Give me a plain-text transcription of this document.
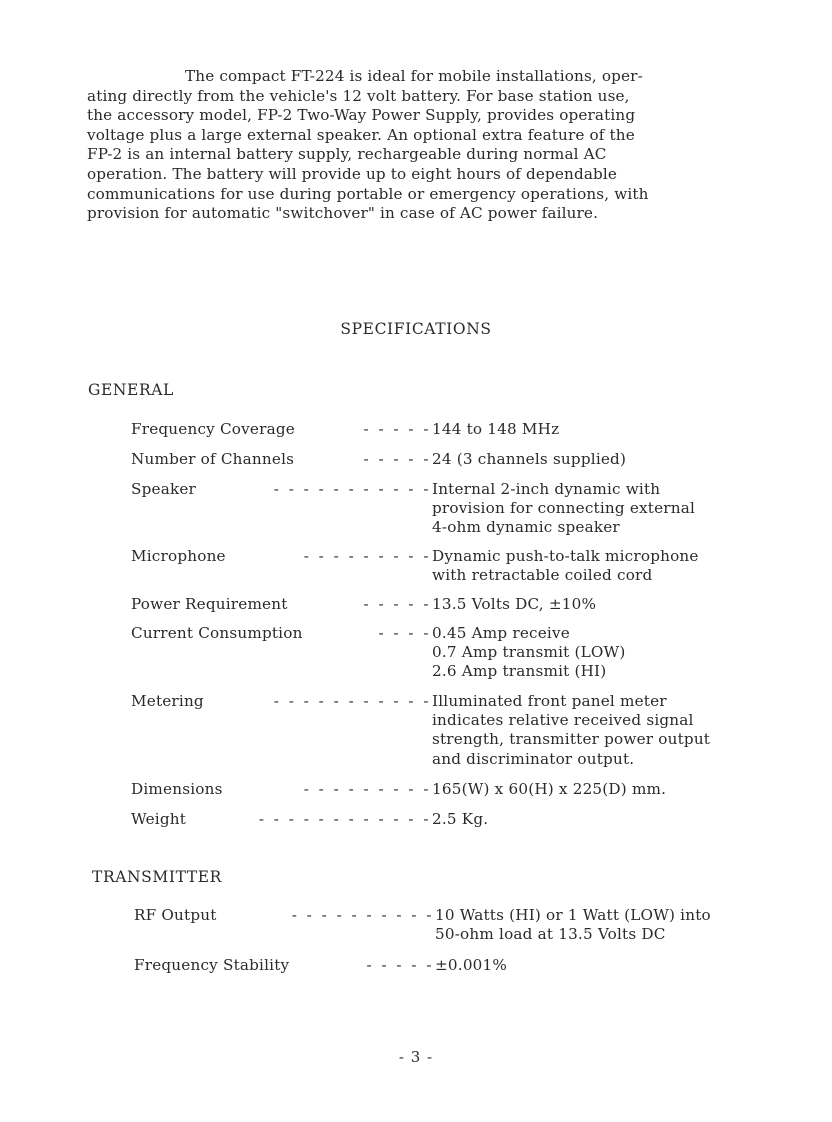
The compact FT-224 is ideal for mobile installations, oper-
ating directly from the vehicle's 12 volt battery. For base station use,
the accessory model, FP-2 Two-Way Power Supply, provides operating
voltage plus a large external speaker. An optional extra feature of the
FP-2 is an internal battery supply, rechargeable during normal AC
operation. The battery will provide up to eight hours of dependable
communications for use during portable or emergency operations, with
provision for automatic "switchover" in case of AC power failure.
SPECIFICATIONS
GENERAL
Frequency Coverage	- - - - - 144 to 148 MHz
Number of Channels	- - - - - 24 (3 channels supplied)
Speaker	- - - - - - - - - - - Internal 2-inch dynamic with
provision for connecting external
4-ohm dynamic speaker
Microphone	- - - - - - - - - Dynamic push-to-talk microphone
with retractable coiled cord
Power Requirement	- - - - - 13.5 Volts DC, ±10%
Current Consumption	- - - - 0.45 Amp receive
0.7 Amp transmit (LOW)
2.6 Amp transmit (HI)
Metering	- - - - - - - - - - - Illuminated front panel meter
indicates relative received signal
strength, transmitter power output
and discriminator output.
Dimensions	- - - - - - - - - 165(W) x 60(H) x 225(D) mm.
Weight	- - - - - - - - - - - - 2.5 Kg.
TRANSMITTER
RF Output	- - - - - - - - - - 10 Watts (HI) or 1 Watt (LOW) into
50-ohm load at 13.5 Volts DC
Frequency Stability	- - - - - ±0.001%
- 3 -
